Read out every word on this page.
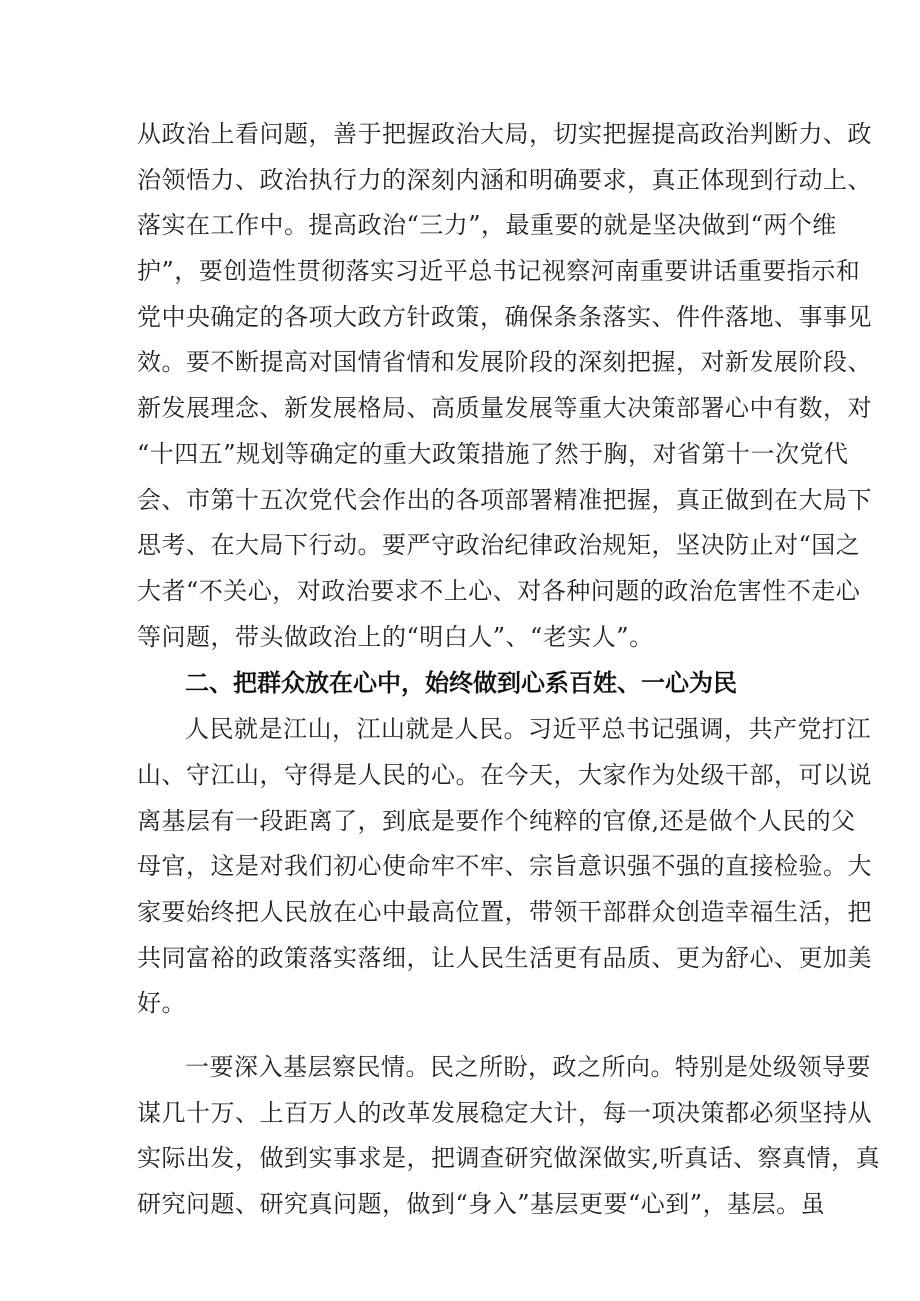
从政治上看问题，善于把握政治大局，切实把握提高政治判断力、政
治领悟力、政治执行力的深刻内涵和明确要求，真正体现到行动上、
落实在工作中。提高政治“三力”，最重要的就是坚决做到“两个维
护”，要创造性贯彻落实习近平总书记视察河南重要讲话重要指示和
党中央确定的各项大政方针政策，确保条条落实、件件落地、事事见
效。要不断提高对国情省情和发展阶段的深刻把握，对新发展阶段、
新发展理念、新发展格局、高质量发展等重大决策部署心中有数，对
“十四五”规划等确定的重大政策措施了然于胸，对省第十一次党代
会、市第十五次党代会作出的各项部署精准把握，真正做到在大局下
思考、在大局下行动。要严守政治纪律政治规矩，坚决防止对“国之
大者“不关心，对政治要求不上心、对各种问题的政治危害性不走心
等问题，带头做政治上的“明白人”、“老实人”。
二、把群众放在心中，始终做到心系百姓、一心为民
人民就是江山，江山就是人民。习近平总书记强调，共产党打江
山、守江山，守得是人民的心。在今天，大家作为处级干部，可以说
离基层有一段距离了，到底是要作个纯粹的官僚,还是做个人民的父
母官，这是对我们初心使命牢不牢、宗旨意识强不强的直接检验。大
家要始终把人民放在心中最高位置，带领干部群众创造幸福生活，把
共同富裕的政策落实落细，让人民生活更有品质、更为舒心、更加美
好。
一要深入基层察民情。民之所盼，政之所向。特别是处级领导要
谋几十万、上百万人的改革发展稳定大计，每一项决策都必须坚持从
实际出发，做到实事求是，把调查研究做深做实,听真话、察真情，真
研究问题、研究真问题，做到“身入”基层更要“心到”，基层。虽
